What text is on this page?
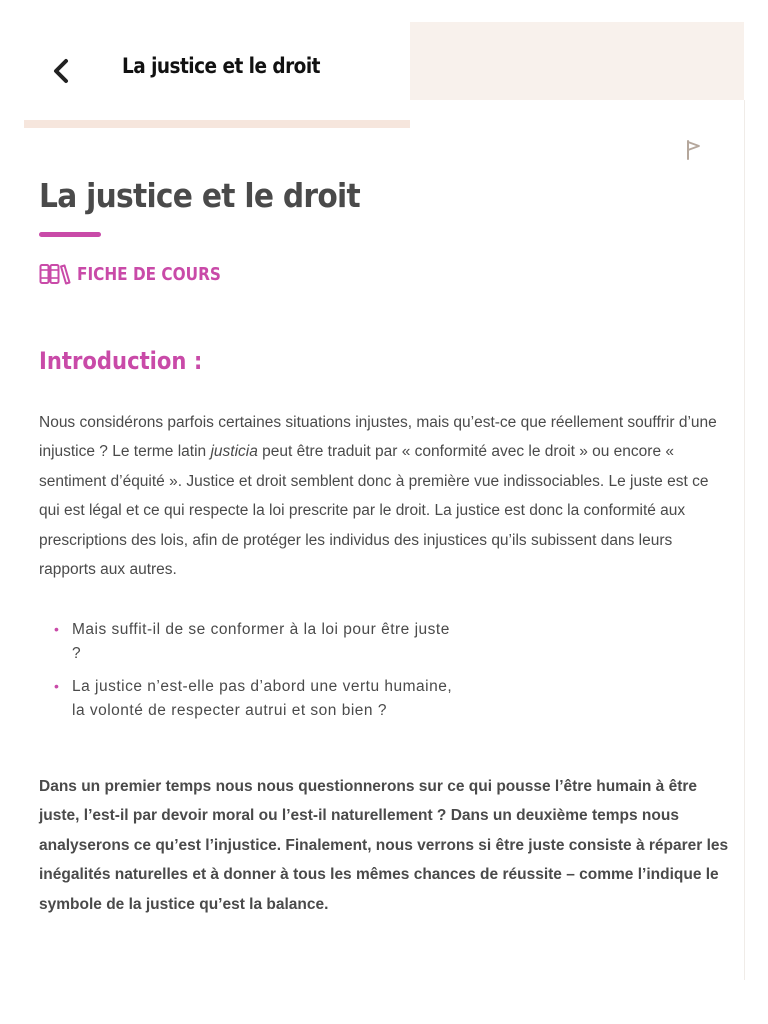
La justice et le droit
La justice et le droit
FICHE DE COURS
Introduction :

Nous considérons parfois certaines situations injustes, mais qu’est-ce que réellement souffrir d’une injustice ? Le terme latin justicia peut être traduit par « conformité avec le droit » ou encore « sentiment d’équité ». Justice et droit semblent donc à première vue indissociables. Le juste est ce qui est légal et ce qui respecte la loi prescrite par le droit. La justice est donc la conformité aux prescriptions des lois, afin de protéger les individus des injustices qu’ils subissent dans leurs rapports aux autres.

• Mais suffit-il de se conformer à la loi pour être juste ?
• La justice n’est-elle pas d’abord une vertu humaine, la volonté de respecter autrui et son bien ?

Dans un premier temps nous nous questionnerons sur ce qui pousse l’être humain à être juste, l’est-il par devoir moral ou l’est-il naturellement ? Dans un deuxième temps nous analyserons ce qu’est l’injustice. Finalement, nous verrons si être juste consiste à réparer les inégalités naturelles et à donner à tous les mêmes chances de réussite – comme l’indique le symbole de la justice qu’est la balance.
